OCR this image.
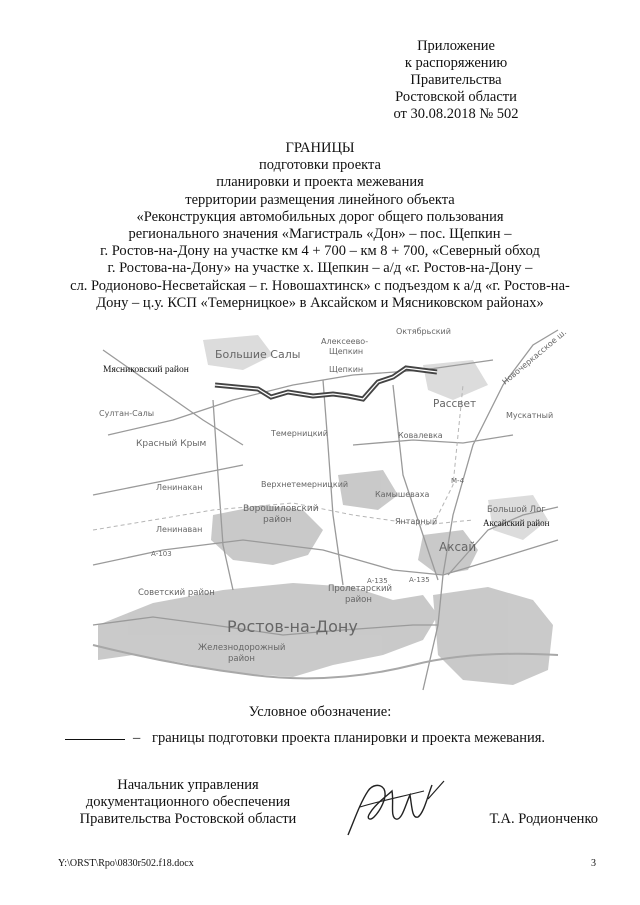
Приложение
к распоряжению
Правительства
Ростовской области
от 30.08.2018 № 502
ГРАНИЦЫ
подготовки проекта
планировки и проекта межевания
территории размещения линейного объекта
«Реконструкция автомобильных дорог общего пользования
регионального значения «Магистраль «Дон» – пос. Щепкин –
г. Ростов-на-Дону на участке км 4 + 700 – км 8 + 700, «Северный обход
г. Ростова-на-Дону» на участке х. Щепкин – а/д «г. Ростов-на-Дону –
сл. Родионово-Несветайская – г. Новошахтинск» с подъездом к а/д «г. Ростов-на-
Дону – ц.у. КСП «Темерницкое» в Аксайском и Мясниковском районах»
Большие Салы
Алексеево-
Щепкин
Октябрьский	Новочеркасское ш.
Мясниковский район	Щепкин
Рассвет
Султан-Салы	Мускатный
Красный Крым
Темерницкий	Ковалевка
Ленинакан	Верхнетемерницкий
Камышеваха
Большой Лог
Аксайский район
Ворошиловский
район	Янтарный
Ленинаван
Аксай
А-103
М-4
А-135	А-135
Советский район	Пролетарский
район
Ростов-на-Дону
Железнодорожный
район
Условное обозначение:
– границы подготовки проекта планировки и проекта межевания.
Начальник управления
документационного обеспечения
Правительства Ростовской области	Т.А. Родионченко
Y:\ORST\Rpo\0830r502.f18.docx	3
